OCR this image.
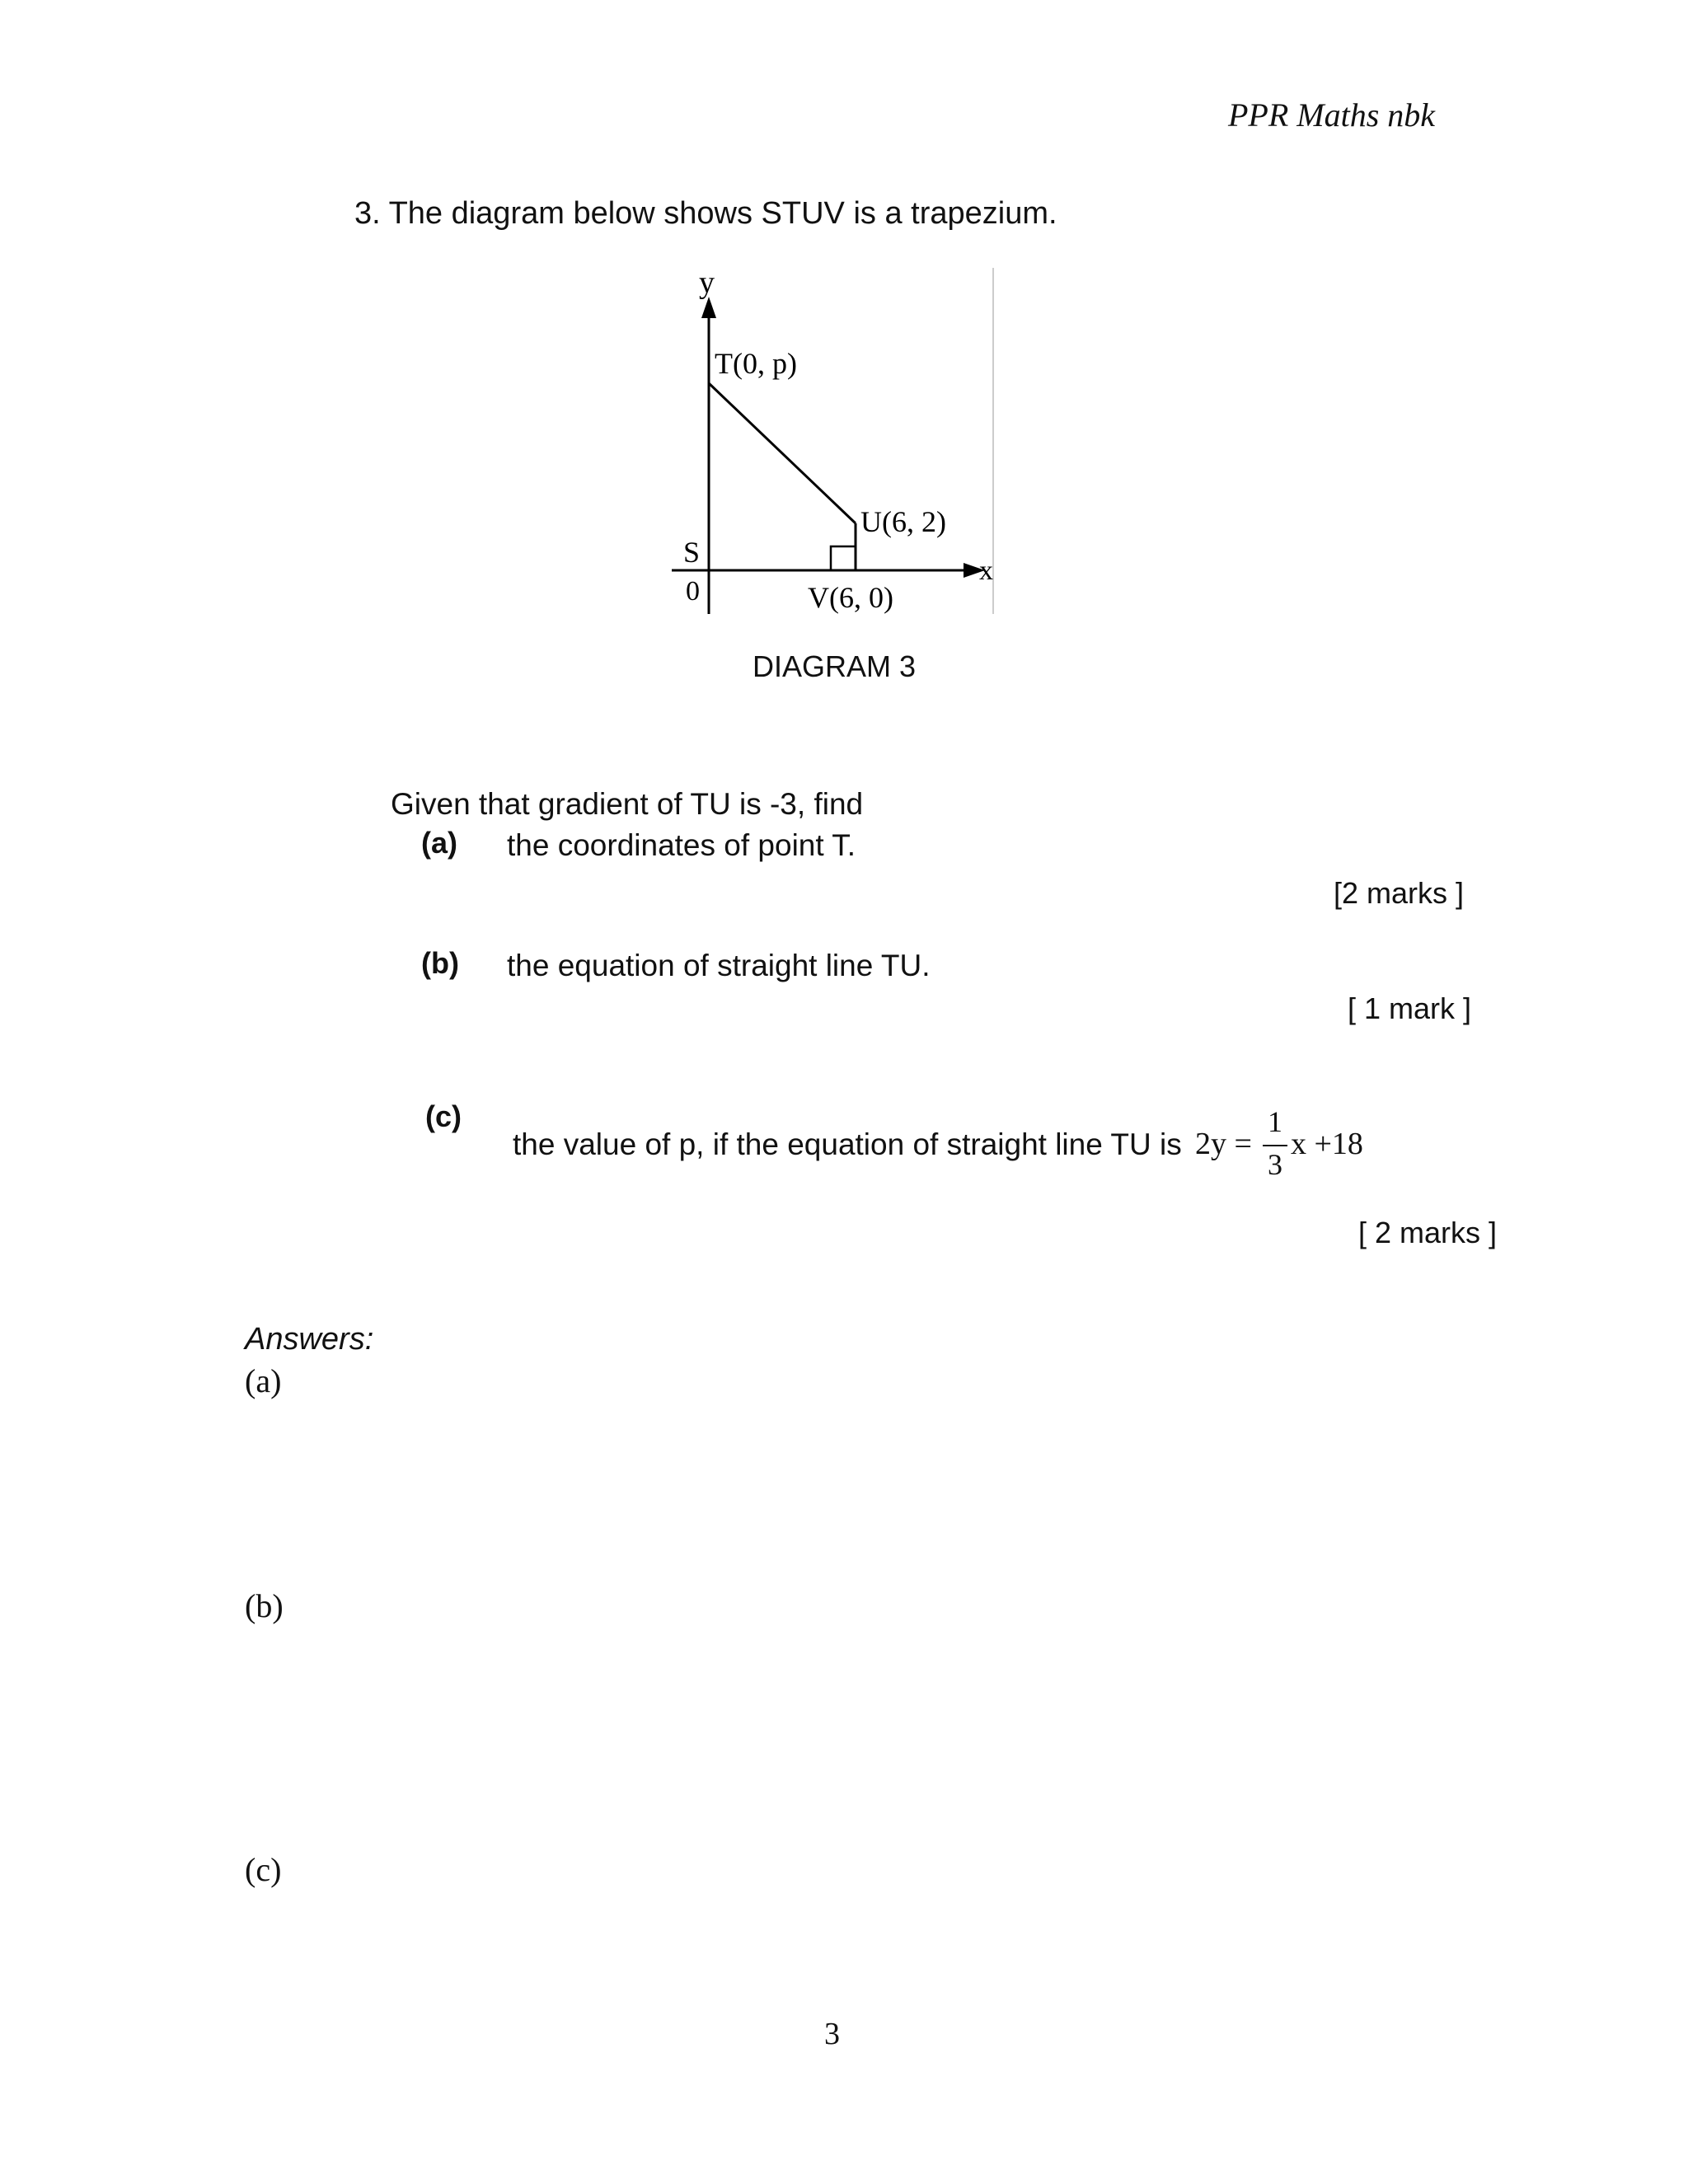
PPR Maths nbk
3. The diagram below shows STUV is a trapezium.
y
x
T(0, p)
U(6, 2)
V(6, 0)
S
0
DIAGRAM 3
Given that gradient of TU is -3, find
(a) the coordinates of point T.
[2 marks ]
(b) the equation of straight line TU.
[ 1 mark ]
(c)
the value of p, if the equation of straight line TU is 2y =
1
3
x +18
[ 2 marks ]
Answers:
(a)
(b)
(c)
3
